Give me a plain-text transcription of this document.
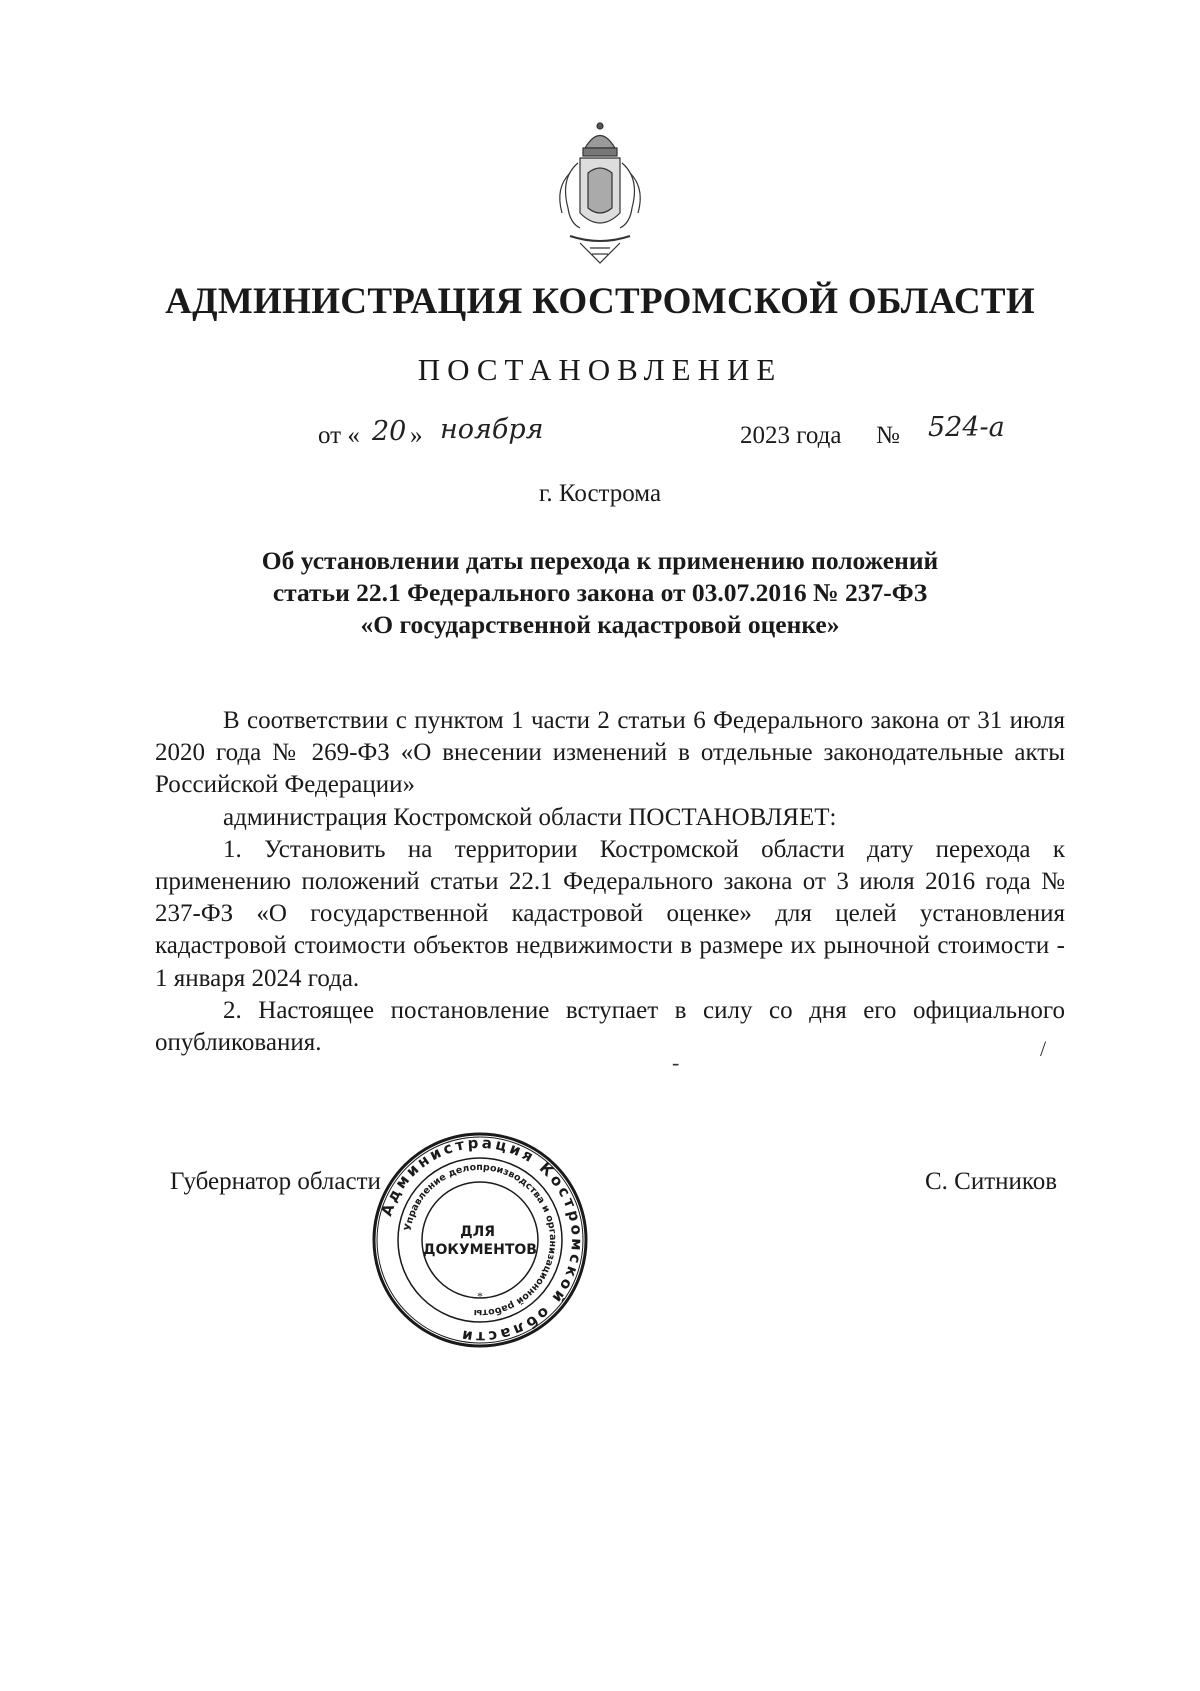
АДМИНИСТРАЦИЯ КОСТРОМСКОЙ ОБЛАСТИ
ПОСТАНОВЛЕНИЕ
от « 20 » ноября	2023 года № 524-а
г. Кострома
Об установлении даты перехода к применению положений
статьи 22.1 Федерального закона от 03.07.2016 № 237-ФЗ
«О государственной кадастровой оценке»

В соответствии с пунктом 1 части 2 статьи 6 Федерального закона от 31 июля 2020 года № 269-ФЗ «О внесении изменений в отдельные законодательные акты Российской Федерации»

администрация Костромской области ПОСТАНОВЛЯЕТ:

1. Установить на территории Костромской области дату перехода к применению положений статьи 22.1 Федерального закона от 3 июля 2016 года № 237-ФЗ «О государственной кадастровой оценке» для целей установления кадастровой стоимости объектов недвижимости в размере их рыночной стоимости - 1 января 2024 года.

2. Настоящее постановление вступает в силу со дня его официального опубликования.

-
/
Губернатор области	С. Ситников
Администрация Костромской области
Управление делопроизводства и организационной работы
ДЛЯ ДОКУМЕНТОВ
*
